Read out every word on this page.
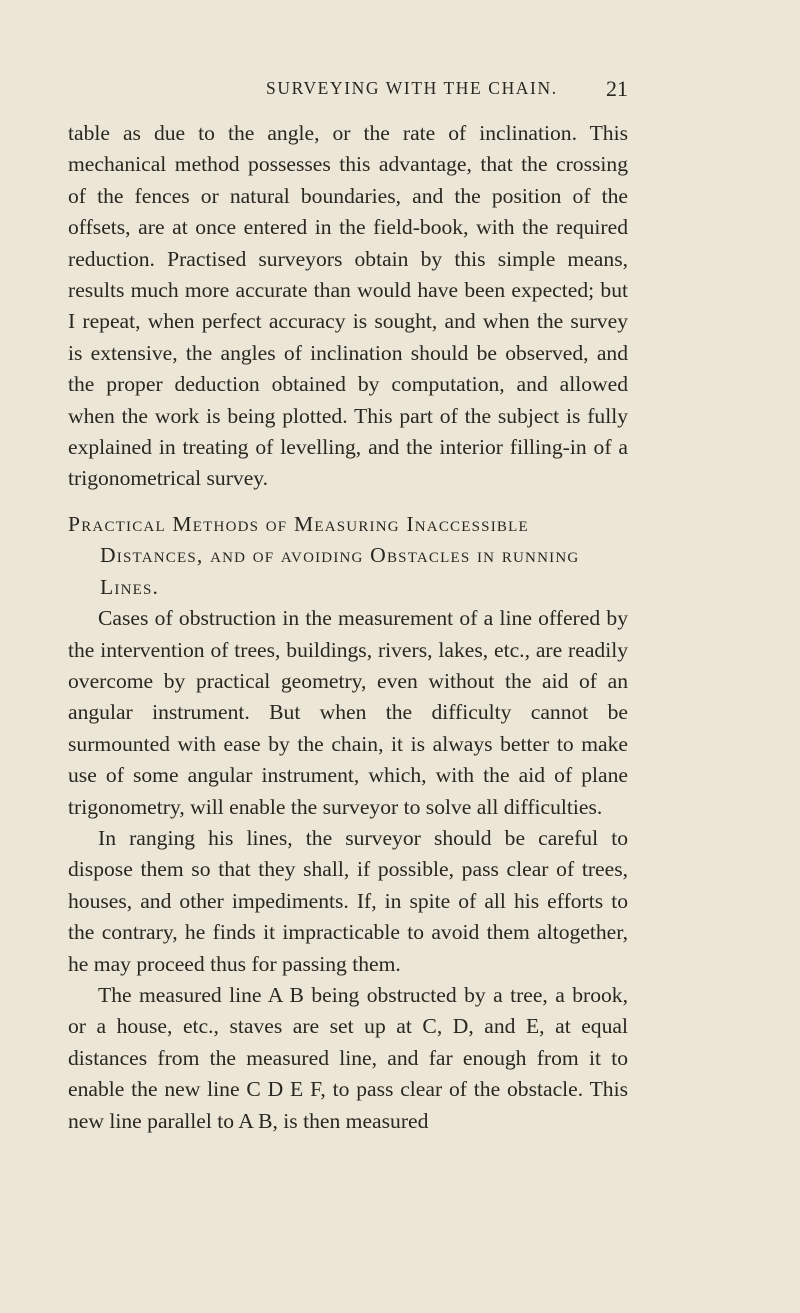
SURVEYING WITH THE CHAIN. 21

table as due to the angle, or the rate of inclination. This mechanical method possesses this advantage, that the crossing of the fences or natural boundaries, and the position of the offsets, are at once entered in the field-book, with the required reduction. Practised surveyors obtain by this simple means, results much more accurate than would have been expected; but I repeat, when perfect accuracy is sought, and when the survey is extensive, the angles of inclination should be observed, and the proper deduction obtained by computation, and allowed when the work is being plotted. This part of the subject is fully explained in treating of levelling, and the interior filling-in of a trigonometrical survey.

Practical Methods of Measuring Inaccessible Distances, and of avoiding Obstacles in running Lines.

Cases of obstruction in the measurement of a line offered by the intervention of trees, buildings, rivers, lakes, etc., are readily overcome by practical geometry, even without the aid of an angular instrument. But when the difficulty cannot be surmounted with ease by the chain, it is always better to make use of some angular instrument, which, with the aid of plane trigonometry, will enable the surveyor to solve all difficulties.

In ranging his lines, the surveyor should be careful to dispose them so that they shall, if possible, pass clear of trees, houses, and other impediments. If, in spite of all his efforts to the contrary, he finds it impracticable to avoid them altogether, he may proceed thus for passing them.

The measured line A B being obstructed by a tree, a brook, or a house, etc., staves are set up at C, D, and E, at equal distances from the measured line, and far enough from it to enable the new line C D E F, to pass clear of the obstacle. This new line parallel to A B, is then measured
